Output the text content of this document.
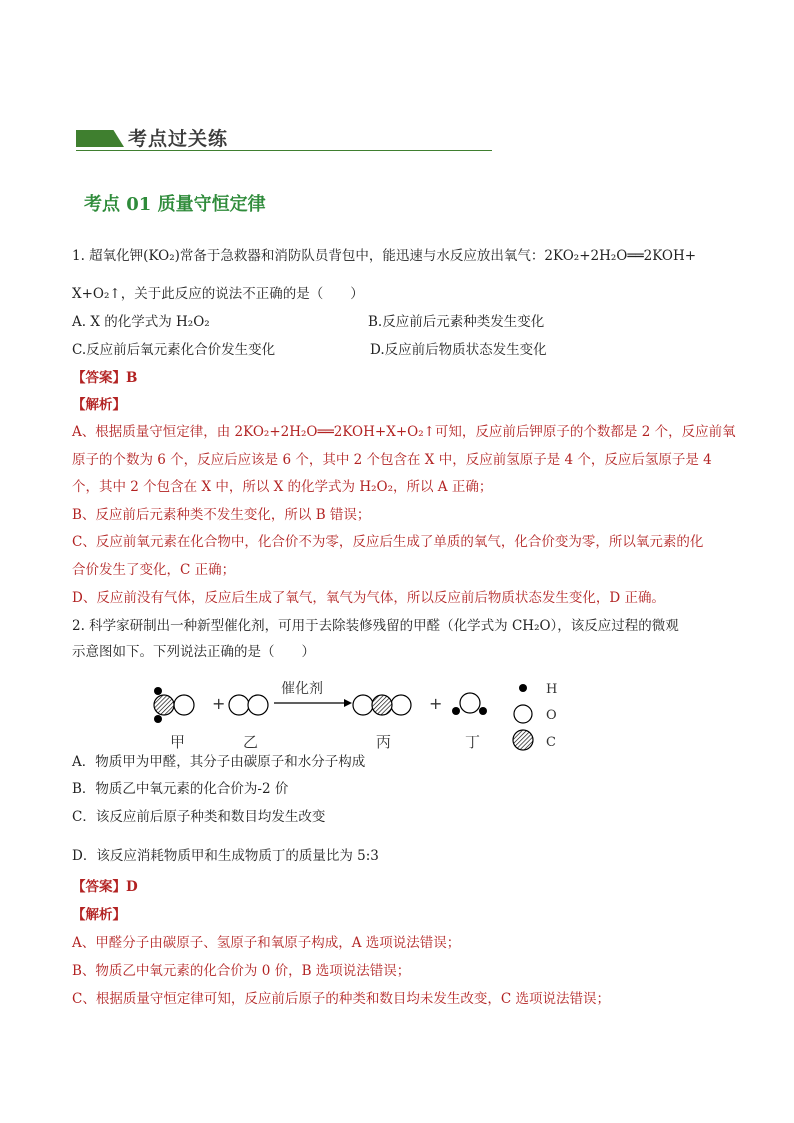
考点过关练
考点 01 质量守恒定律
1. 超氧化钾(KO₂)常备于急救器和消防队员背包中，能迅速与水反应放出氧气：2KO₂+2H₂O══2KOH+
X+O₂↑，关于此反应的说法不正确的是（　　）
A. X 的化学式为 H₂O₂	B.反应前后元素种类发生变化
C.反应前后氧元素化合价发生变化	D.反应前后物质状态发生变化
【答案】B
【解析】
A、根据质量守恒定律，由 2KO₂+2H₂O══2KOH+X+O₂↑可知，反应前后钾原子的个数都是 2 个，反应前氧
原子的个数为 6 个，反应后应该是 6 个，其中 2 个包含在 X 中，反应前氢原子是 4 个，反应后氢原子是 4
个，其中 2 个包含在 X 中，所以 X 的化学式为 H₂O₂，所以 A 正确；
B、反应前后元素种类不发生变化，所以 B 错误；
C、反应前氧元素在化合物中，化合价不为零，反应后生成了单质的氧气，化合价变为零，所以氧元素的化
合价发生了变化，C 正确；
D、反应前没有气体，反应后生成了氧气，氧气为气体，所以反应前后物质状态发生变化，D 正确。
2. 科学家研制出一种新型催化剂，可用于去除装修残留的甲醛（化学式为 CH₂O），该反应过程的微观
示意图如下。下列说法正确的是（　　）
+
催化剂
+
甲	乙	丙	丁
H
O
C
A．物质甲为甲醛，其分子由碳原子和水分子构成
B．物质乙中氧元素的化合价为-2 价
C．该反应前后原子种类和数目均发生改变
D．该反应消耗物质甲和生成物质丁的质量比为 5:3
【答案】D
【解析】
A、甲醛分子由碳原子、氢原子和氧原子构成，A 选项说法错误；
B、物质乙中氧元素的化合价为 0 价，B 选项说法错误；
C、根据质量守恒定律可知，反应前后原子的种类和数目均未发生改变，C 选项说法错误；
